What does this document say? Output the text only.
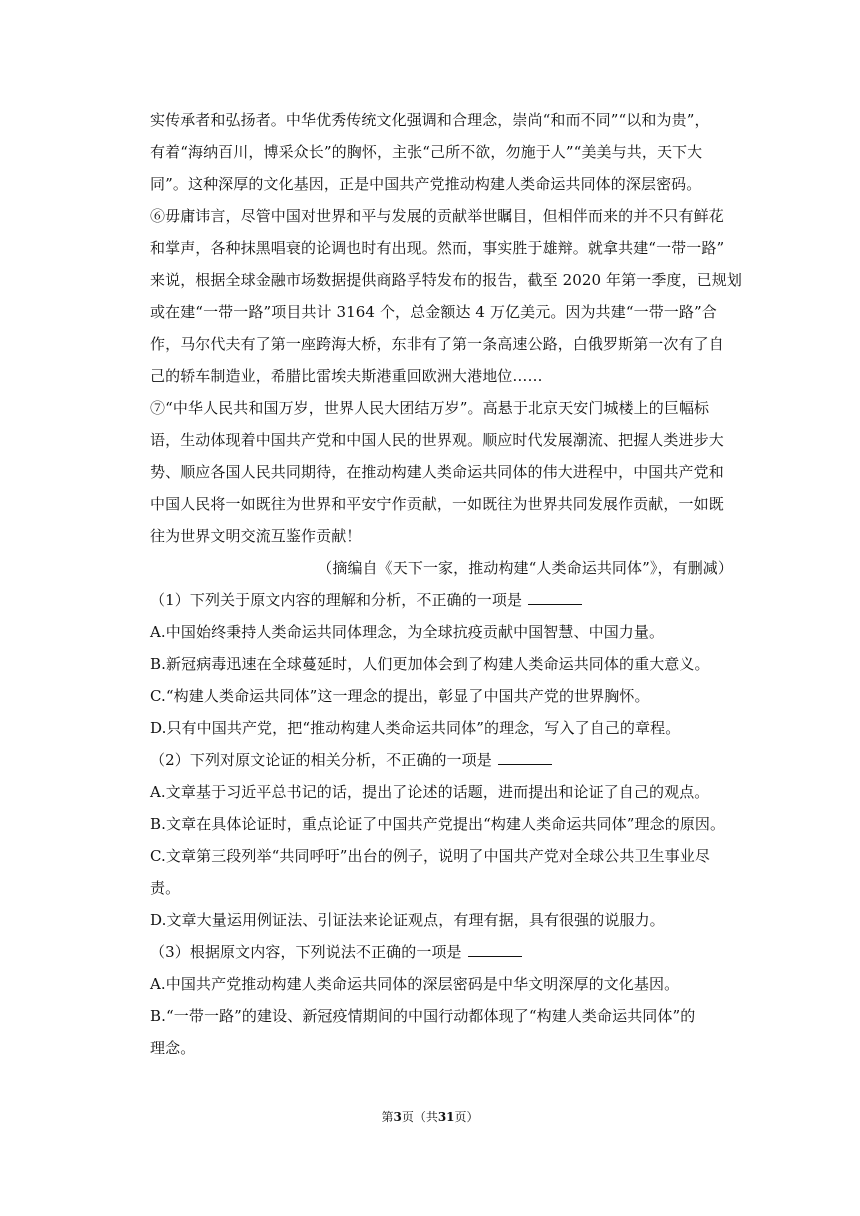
实传承者和弘扬者。中华优秀传统文化强调和合理念，崇尚“和而不同”“以和为贵”，
有着“海纳百川，博采众长”的胸怀，主张“己所不欲，勿施于人”“美美与共，天下大
同”。这种深厚的文化基因，正是中国共产党推动构建人类命运共同体的深层密码。
⑥毋庸讳言，尽管中国对世界和平与发展的贡献举世瞩目，但相伴而来的并不只有鲜花
和掌声，各种抹黑唱衰的论调也时有出现。然而，事实胜于雄辩。就拿共建“一带一路”
来说，根据全球金融市场数据提供商路孚特发布的报告，截至 2020 年第一季度，已规划
或在建“一带一路”项目共计 3164 个，总金额达 4 万亿美元。因为共建“一带一路”合
作，马尔代夫有了第一座跨海大桥，东非有了第一条高速公路，白俄罗斯第一次有了自
己的轿车制造业，希腊比雷埃夫斯港重回欧洲大港地位……
⑦“中华人民共和国万岁，世界人民大团结万岁”。高悬于北京天安门城楼上的巨幅标
语，生动体现着中国共产党和中国人民的世界观。顺应时代发展潮流、把握人类进步大
势、顺应各国人民共同期待，在推动构建人类命运共同体的伟大进程中，中国共产党和
中国人民将一如既往为世界和平安宁作贡献，一如既往为世界共同发展作贡献，一如既
往为世界文明交流互鉴作贡献！
（摘编自《天下一家，推动构建“人类命运共同体”》，有删减）
（1）下列关于原文内容的理解和分析，不正确的一项是
A.中国始终秉持人类命运共同体理念，为全球抗疫贡献中国智慧、中国力量。
B.新冠病毒迅速在全球蔓延时，人们更加体会到了构建人类命运共同体的重大意义。
C.“构建人类命运共同体”这一理念的提出，彰显了中国共产党的世界胸怀。
D.只有中国共产党，把“推动构建人类命运共同体”的理念，写入了自己的章程。
（2）下列对原文论证的相关分析，不正确的一项是
A.文章基于习近平总书记的话，提出了论述的话题，进而提出和论证了自己的观点。
B.文章在具体论证时，重点论证了中国共产党提出“构建人类命运共同体”理念的原因。
C.文章第三段列举“共同呼吁”出台的例子，说明了中国共产党对全球公共卫生事业尽
责。
D.文章大量运用例证法、引证法来论证观点，有理有据，具有很强的说服力。
（3）根据原文内容，下列说法不正确的一项是
A.中国共产党推动构建人类命运共同体的深层密码是中华文明深厚的文化基因。
B.“一带一路”的建设、新冠疫情期间的中国行动都体现了“构建人类命运共同体”的
理念。
第3页（共31页）
